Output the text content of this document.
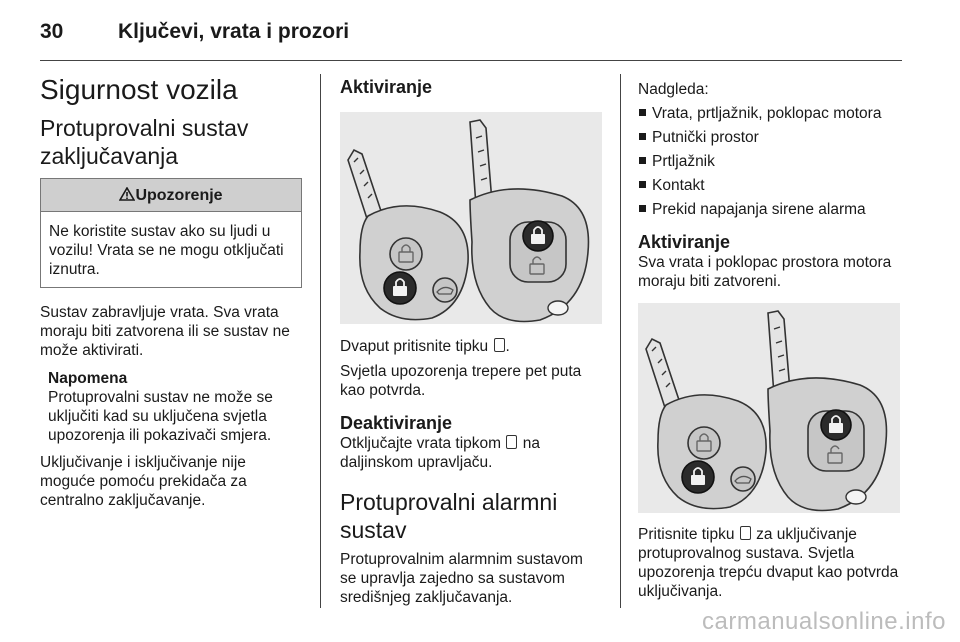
30	Ključevi, vrata i prozori
Sigurnost vozila
Protuprovalni sustav zaključavanja
Upozorenje
Ne koristite sustav ako su ljudi u vozilu! Vrata se ne mogu otključati iznutra.

Sustav zabravljuje vrata. Sva vrata moraju biti zatvorena ili se sustav ne može aktivirati.

Napomena
Protuprovalni sustav ne može se uključiti kad su uključena svjetla upozorenja ili pokazivači smjera.

Uključivanje i isključivanje nije moguće pomoću prekidača za centralno zaključavanje.

Aktiviranje

Dvaput pritisnite tipku .

Svjetla upozorenja trepere pet puta kao potvrda.

Deaktiviranje

Otključajte vrata tipkom na daljinskom upravljaču.

Protuprovalni alarmni sustav

Protuprovalnim alarmnim sustavom se upravlja zajedno sa sustavom središnjeg zaključavanja.

Nadgleda:
Vrata, prtljažnik, poklopac motora
Putnički prostor
Prtljažnik
Kontakt
Prekid napajanja sirene alarma
Aktiviranje

Sva vrata i poklopac prostora motora moraju biti zatvoreni.

Pritisnite tipku za uključivanje protuprovalnog sustava. Svjetla upozorenja trepću dvaput kao potvrda uključivanja.

carmanualsonline.info
